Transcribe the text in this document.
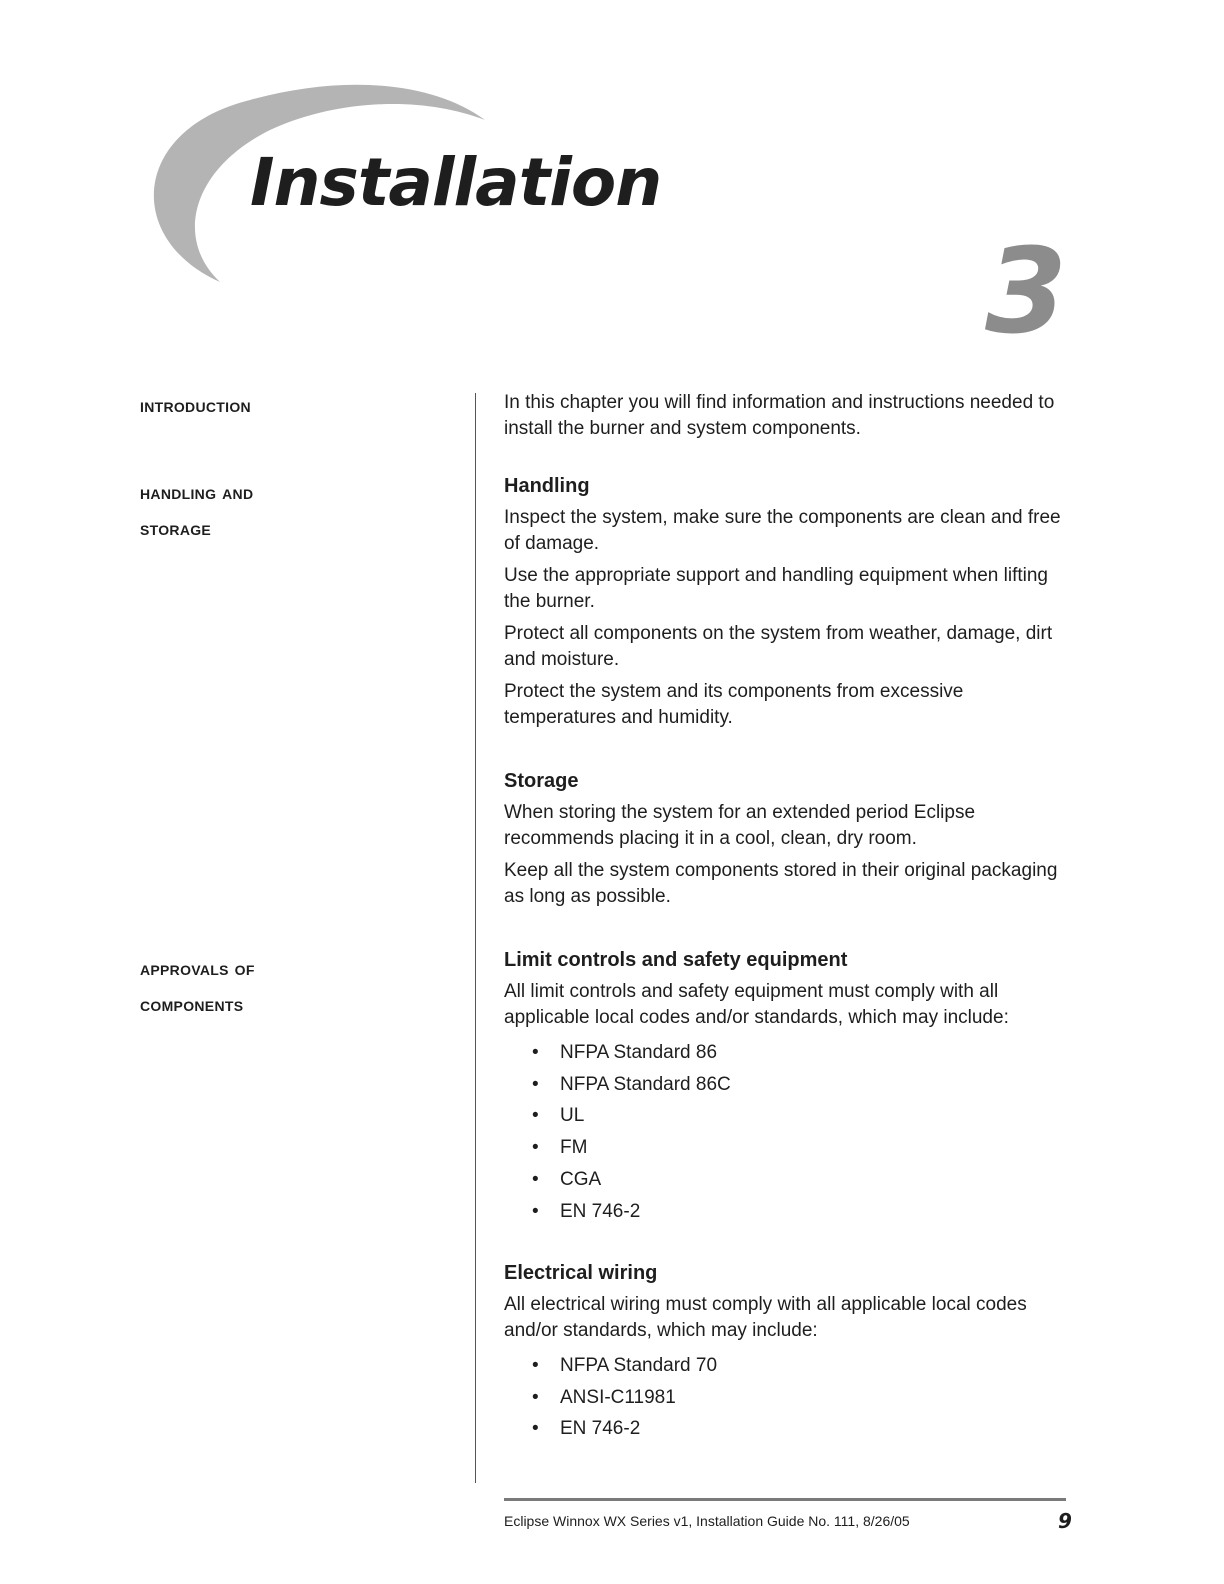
Installation
3
introduction
handling and
storage
approvals of
components

In this chapter you will find information and instructions needed to install the burner and system components.

Handling

Inspect the system, make sure the components are clean and free of damage.

Use the appropriate support and handling equipment when lifting the burner.

Protect all components on the system from weather, damage, dirt and moisture.

Protect the system and its components from excessive temperatures and humidity.

Storage

When storing the system for an extended period Eclipse recommends placing it in a cool, clean, dry room.

Keep all the system components stored in their original packaging as long as possible.

Limit controls and safety equipment

All limit controls and safety equipment must comply with all applicable local codes and/or standards, which may include:

• NFPA Standard 86
• NFPA Standard 86C
• UL
• FM
• CGA
• EN 746-2
Electrical wiring

All electrical wiring must comply with all applicable local codes and/or standards, which may include:

• NFPA Standard 70
• ANSI-C11981
• EN 746-2
Eclipse Winnox WX Series v1, Installation Guide No. 111, 8/26/05	9
